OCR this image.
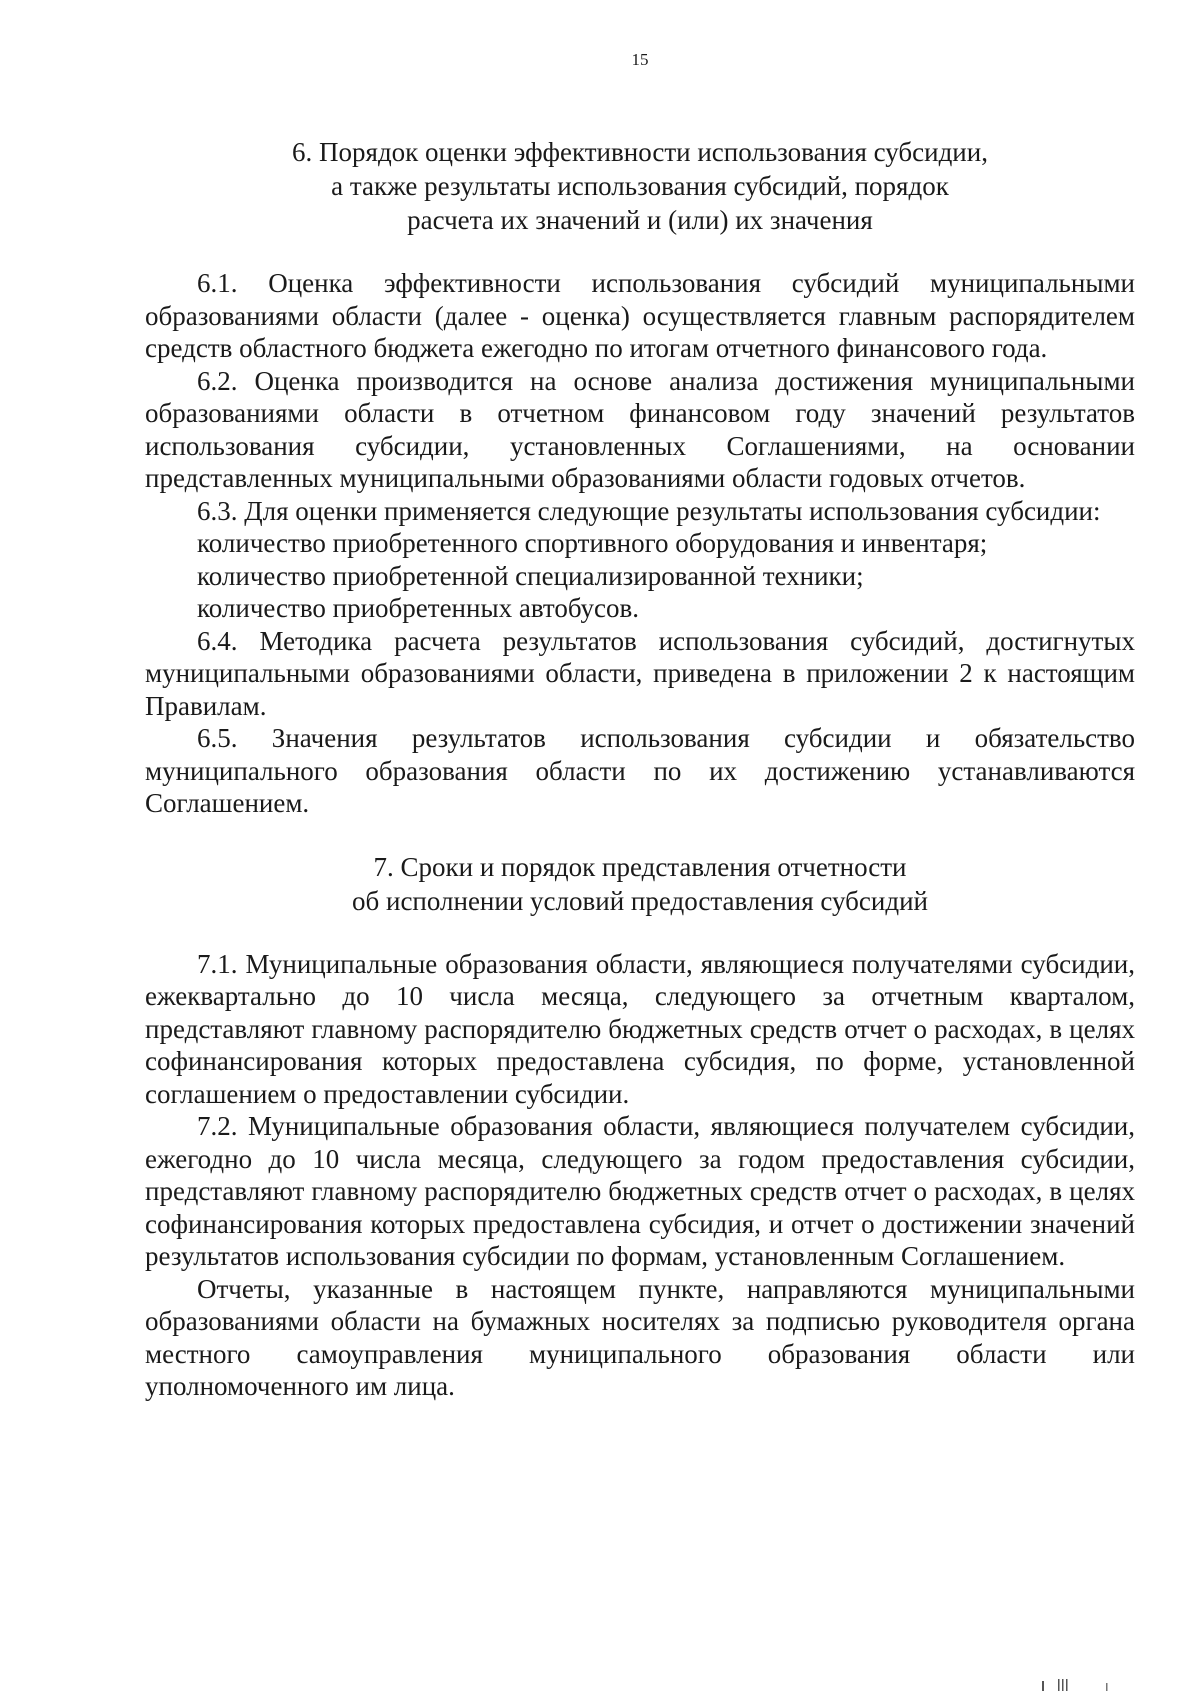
15
6. Порядок оценки эффективности использования субсидии,
а также результаты использования субсидий, порядок
расчета их значений и (или) их значения

6.1. Оценка эффективности использования субсидий муниципальными образованиями области (далее - оценка) осуществляется главным распорядителем средств областного бюджета ежегодно по итогам отчетного финансового года.

6.2. Оценка производится на основе анализа достижения муниципальными образованиями области в отчетном финансовом году значений результатов использования субсидии, установленных Соглашениями, на основании представленных муниципальными образованиями области годовых отчетов.

6.3. Для оценки применяется следующие результаты использования субсидии:

количество приобретенного спортивного оборудования и инвентаря;

количество приобретенной специализированной техники;

количество приобретенных автобусов.

6.4. Методика расчета результатов использования субсидий, достигнутых муниципальными образованиями области, приведена в приложении 2 к настоящим Правилам.

6.5. Значения результатов использования субсидии и обязательство муниципального образования области по их достижению устанавливаются Соглашением.

7. Сроки и порядок представления отчетности
об исполнении условий предоставления субсидий

7.1. Муниципальные образования области, являющиеся получателями субсидии, ежеквартально до 10 числа месяца, следующего за отчетным кварталом, представляют главному распорядителю бюджетных средств отчет о расходах, в целях софинансирования которых предоставлена субсидия, по форме, установленной соглашением о предоставлении субсидии.

7.2. Муниципальные образования области, являющиеся получателем субсидии, ежегодно до 10 числа месяца, следующего за годом предоставления субсидии, представляют главному распорядителю бюджетных средств отчет о расходах, в целях софинансирования которых предоставлена субсидия, и отчет о достижении значений результатов использования субсидии по формам, установленным Соглашением.

Отчеты, указанные в настоящем пункте, направляются муниципальными образованиями области на бумажных носителях за подписью руководителя органа местного самоуправления муниципального образования области или уполномоченного им лица.
